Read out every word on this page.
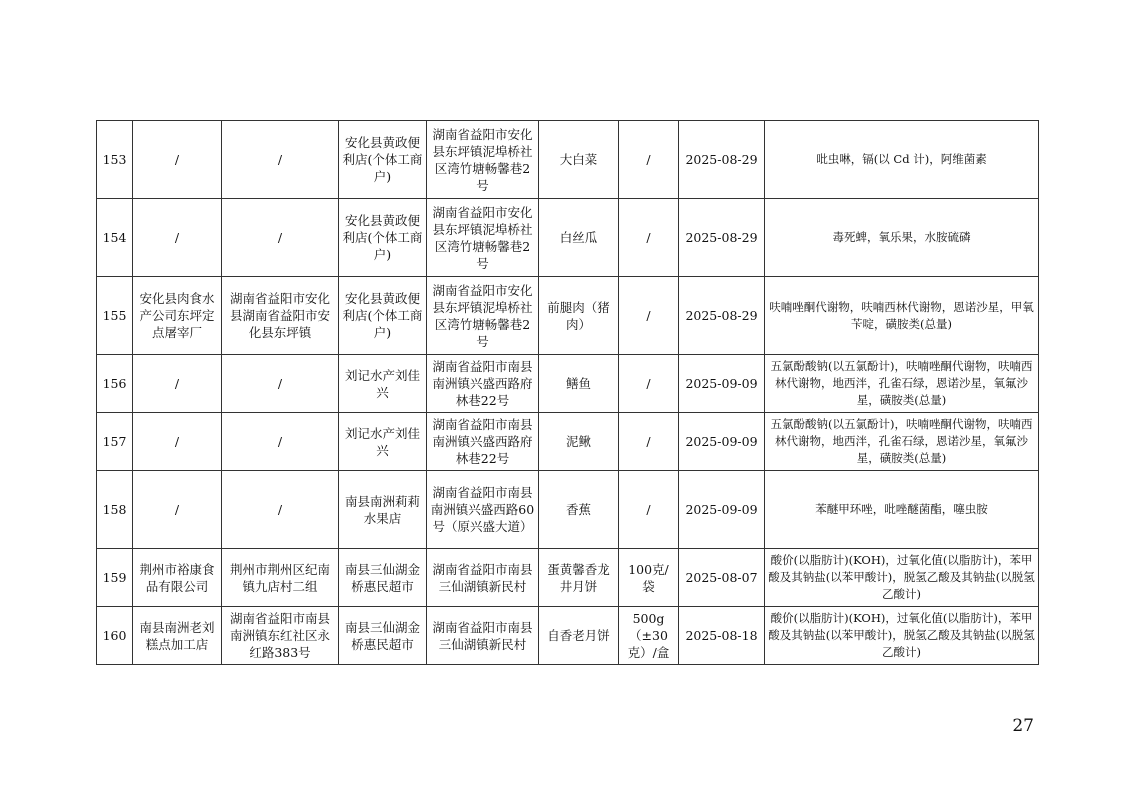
153	/	/	安化县黄政便利店(个体工商户)	湖南省益阳市安化县东坪镇泥埠桥社区湾竹塘畅馨巷2号	大白菜	/	2025-08-29	吡虫啉，镉(以 Cd 计)，阿维菌素
154	/	/	安化县黄政便利店(个体工商户)	湖南省益阳市安化县东坪镇泥埠桥社区湾竹塘畅馨巷2号	白丝瓜	/	2025-08-29	毒死蜱，氧乐果，水胺硫磷
155	安化县肉食水产公司东坪定点屠宰厂	湖南省益阳市安化县湖南省益阳市安化县东坪镇	安化县黄政便利店(个体工商户)	湖南省益阳市安化县东坪镇泥埠桥社区湾竹塘畅馨巷2号	前腿肉（猪肉）	/	2025-08-29	呋喃唑酮代谢物，呋喃西林代谢物，恩诺沙星，甲氧苄啶，磺胺类(总量)
156	/	/	刘记水产刘佳兴	湖南省益阳市南县南洲镇兴盛西路府林巷22号	鳝鱼	/	2025-09-09	五氯酚酸钠(以五氯酚计)，呋喃唑酮代谢物，呋喃西林代谢物，地西泮，孔雀石绿，恩诺沙星，氧氟沙星，磺胺类(总量)
157	/	/	刘记水产刘佳兴	湖南省益阳市南县南洲镇兴盛西路府林巷22号	泥鳅	/	2025-09-09	五氯酚酸钠(以五氯酚计)，呋喃唑酮代谢物，呋喃西林代谢物，地西泮，孔雀石绿，恩诺沙星，氧氟沙星，磺胺类(总量)
158	/	/	南县南洲莉莉水果店	湖南省益阳市南县南洲镇兴盛西路60号（原兴盛大道）	香蕉	/	2025-09-09	苯醚甲环唑，吡唑醚菌酯，噻虫胺
159	荆州市裕康食品有限公司	荆州市荆州区纪南镇九店村二组	南县三仙湖金桥惠民超市	湖南省益阳市南县三仙湖镇新民村	蛋黄馨香龙井月饼	100克/袋	2025-08-07	酸价(以脂肪计)(KOH)，过氧化值(以脂肪计)，苯甲酸及其钠盐(以苯甲酸计)，脱氢乙酸及其钠盐(以脱氢乙酸计)
160	南县南洲老刘糕点加工店	湖南省益阳市南县南洲镇东红社区永红路383号	南县三仙湖金桥惠民超市	湖南省益阳市南县三仙湖镇新民村	自香老月饼	500g（±30克）/盒	2025-08-18	酸价(以脂肪计)(KOH)，过氧化值(以脂肪计)，苯甲酸及其钠盐(以苯甲酸计)，脱氢乙酸及其钠盐(以脱氢乙酸计)
27
